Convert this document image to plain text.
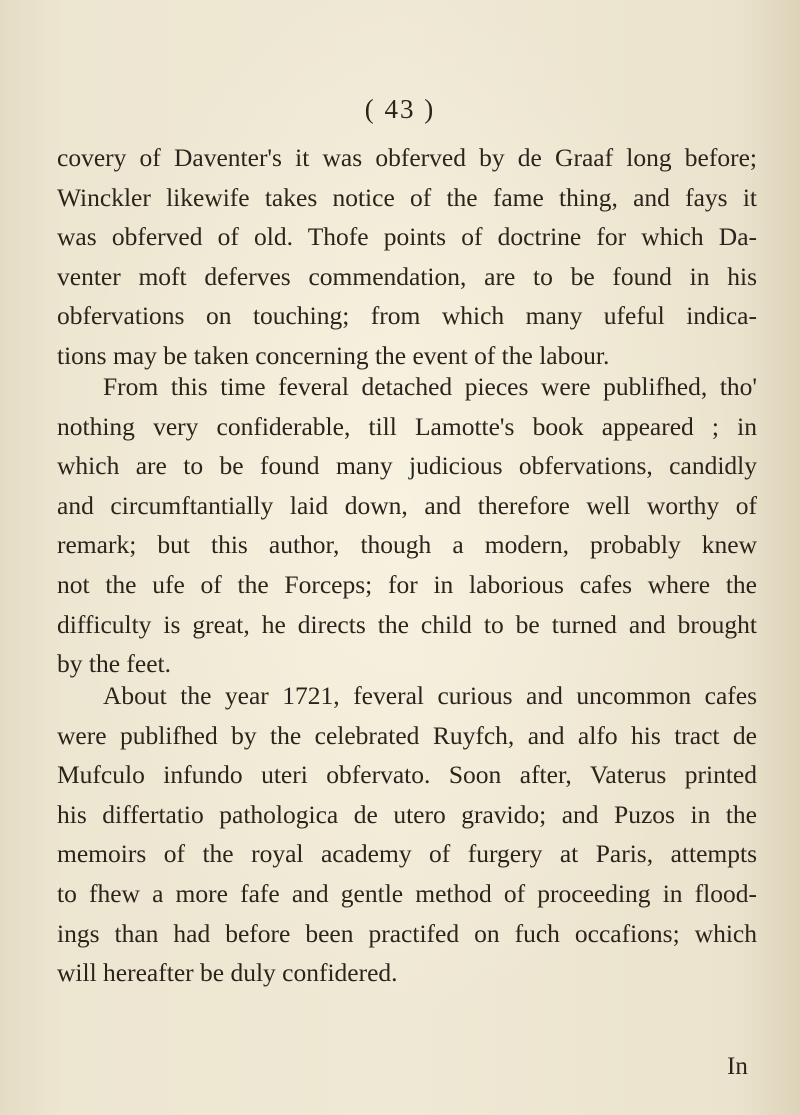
( 43 )
covery of Daventer's it was obferved by de Graaf long before;
Winckler likewife takes notice of the fame thing, and fays it
was obferved of old. Thofe points of doctrine for which Da-
venter moft deferves commendation, are to be found in his
obfervations on touching; from which many ufeful indica-
tions may be taken concerning the event of the labour.
From this time feveral detached pieces were publifhed, tho'
nothing very confiderable, till Lamotte's book appeared ; in
which are to be found many judicious obfervations, candidly
and circumftantially laid down, and therefore well worthy of
remark; but this author, though a modern, probably knew
not the ufe of the Forceps; for in laborious cafes where the
difficulty is great, he directs the child to be turned and brought
by the feet.
About the year 1721, feveral curious and uncommon cafes
were publifhed by the celebrated Ruyfch, and alfo his tract de
Mufculo infundo uteri obfervato. Soon after, Vaterus printed
his differtatio pathologica de utero gravido; and Puzos in the
memoirs of the royal academy of furgery at Paris, attempts
to fhew a more fafe and gentle method of proceeding in flood-
ings than had before been practifed on fuch occafions; which
will hereafter be duly confidered.
In
